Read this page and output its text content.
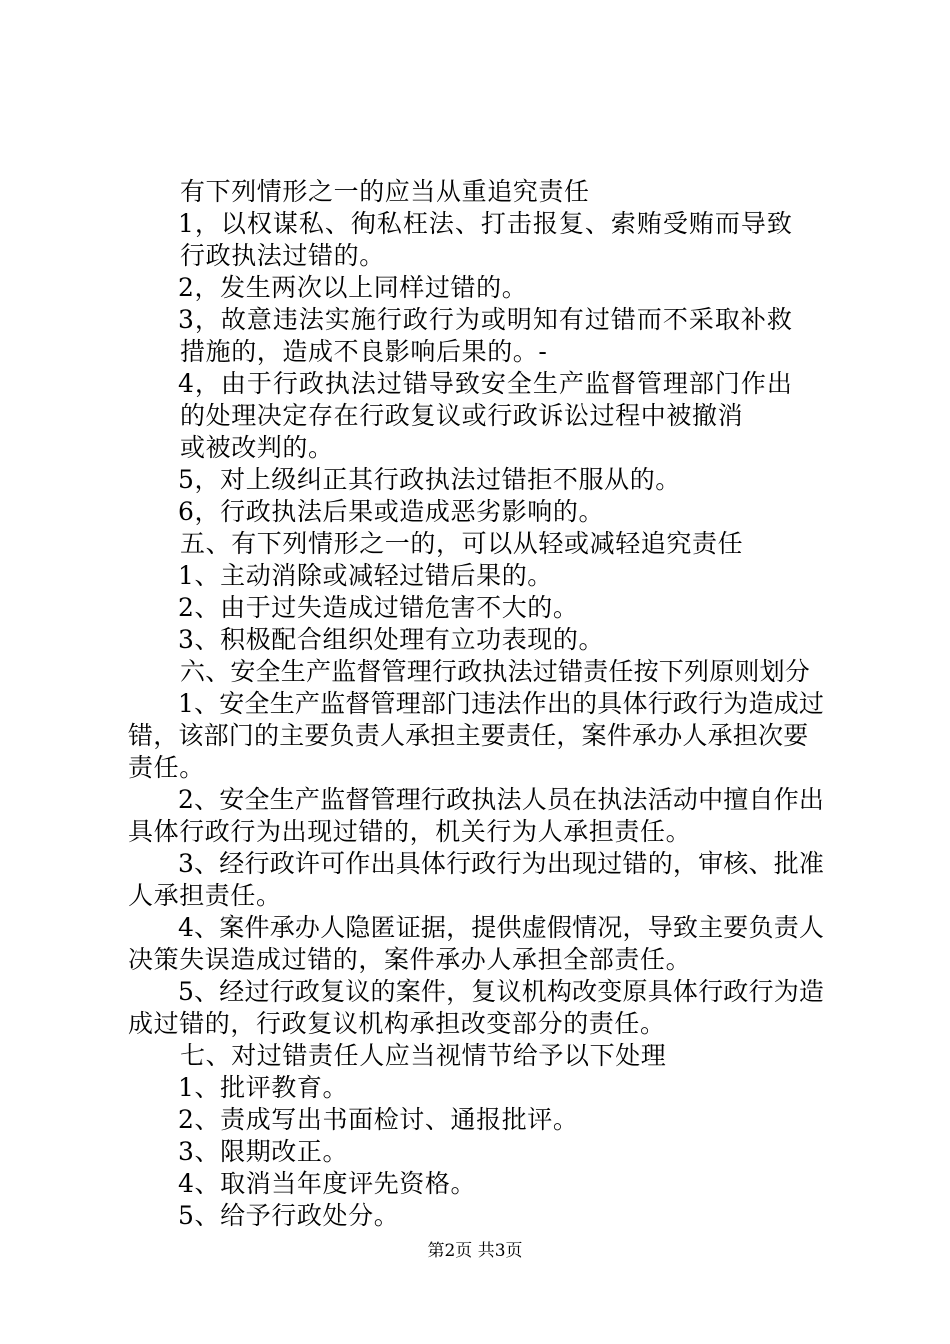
有下列情形之一的应当从重追究责任

1，以权谋私、徇私枉法、打击报复、索贿受贿而导致

行政执法过错的。

2，发生两次以上同样过错的。

3，故意违法实施行政行为或明知有过错而不采取补救

措施的，造成不良影响后果的。-

4，由于行政执法过错导致安全生产监督管理部门作出

的处理决定存在行政复议或行政诉讼过程中被撤消

或被改判的。

5，对上级纠正其行政执法过错拒不服从的。

6，行政执法后果或造成恶劣影响的。

五、有下列情形之一的，可以从轻或减轻追究责任

1、主动消除或减轻过错后果的。

2、由于过失造成过错危害不大的。

3、积极配合组织处理有立功表现的。

六、安全生产监督管理行政执法过错责任按下列原则划分

1、安全生产监督管理部门违法作出的具体行政行为造成过

错，该部门的主要负责人承担主要责任，案件承办人承担次要

责任。

2、安全生产监督管理行政执法人员在执法活动中擅自作出

具体行政行为出现过错的，机关行为人承担责任。

3、经行政许可作出具体行政行为出现过错的，审核、批准

人承担责任。

4、案件承办人隐匿证据，提供虚假情况，导致主要负责人

决策失误造成过错的，案件承办人承担全部责任。

5、经过行政复议的案件，复议机构改变原具体行政行为造

成过错的，行政复议机构承担改变部分的责任。

七、对过错责任人应当视情节给予以下处理

1、批评教育。

2、责成写出书面检讨、通报批评。

3、限期改正。

4、取消当年度评先资格。

5、给予行政处分。

第2页 共3页
